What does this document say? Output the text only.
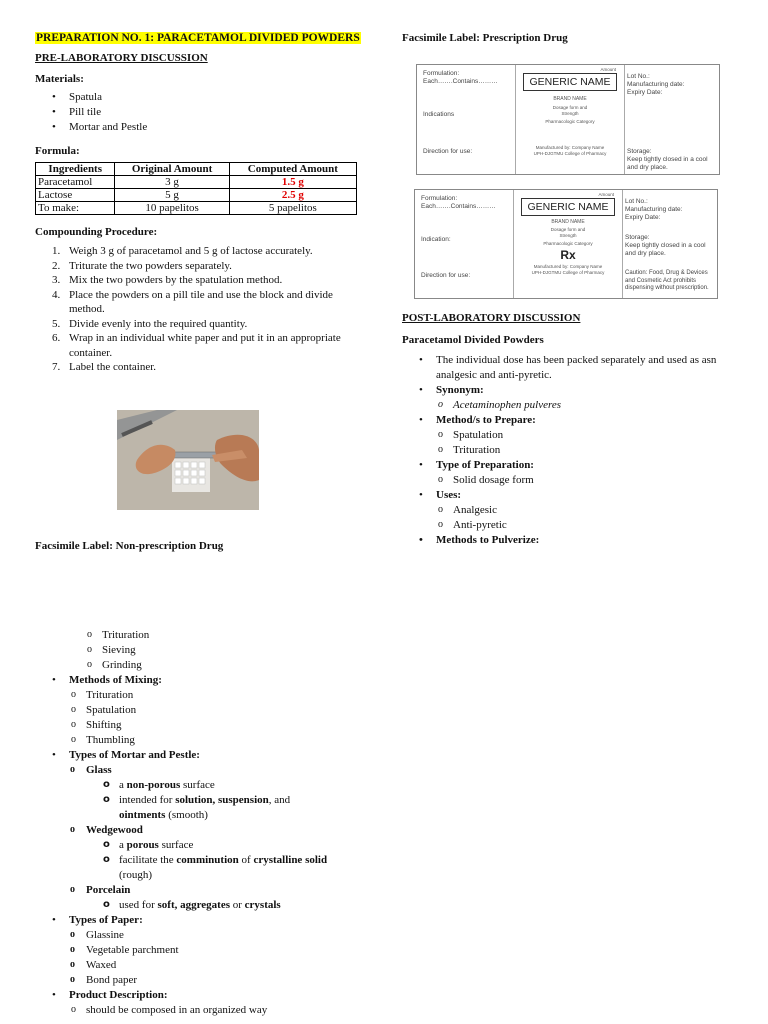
PREPARATION NO. 1: PARACETAMOL DIVIDED POWDERS

PRE-LABORATORY DISCUSSION

Materials:

• Spatula
• Pill tile
• Mortar and Pestle

Formula:

Ingredients	Original Amount	Computed Amount
Paracetamol	3 g	1.5 g
Lactose	5 g	2.5 g
To make:	10 papelitos	5 papelitos

Compounding Procedure:

1. Weigh 3 g of paracetamol and 5 g of lactose accurately.
2. Triturate the two powders separately.
3. Mix the two powders by the spatulation method.
4. Place the powders on a pill tile and use the block and divide method.
5. Divide evenly into the required quantity.
6. Wrap in an individual white paper and put it in an appropriate container.
7. Label the container.

Facsimile Label: Non-prescription Drug

Facsimile Label: Prescription Drug

Formulation:
Each…….Contains………
Indications
Direction for use:
Amount
GENERIC NAME
BRAND NAME
Dosage form and Strength
Pharmacologic Category
Manufactured by: Company Name UPH-DJGTMU College of Pharmacy
Lot No.:
Manufacturing date:
Expiry Date:
Storage:
Keep tightly closed in a cool and dry place.
Formulation:
Each…….Contains………
Indication:
Direction for use:
Amount
GENERIC NAME
BRAND NAME
Dosage form and Strength
Pharmacologic Category
Rx
Manufactured by: Company Name UPH-DJGTMU College of Pharmacy
Lot No.:
Manufacturing date:
Expiry Date:
Storage:
Keep tightly closed in a cool and dry place.
Caution: Food, Drug & Devices and Cosmetic Act prohibits dispensing without prescription.

POST-LABORATORY DISCUSSION

Paracetamol Divided Powders

• The individual dose has been packed separately and used as asn analgesic and anti-pyretic.
• Synonym:
o Acetaminophen pulveres
• Method/s to Prepare:
o Spatulation
o Trituration
• Type of Preparation:
o Solid dosage form
• Uses:
o Analgesic
o Anti-pyretic
• Methods to Pulverize:
o Trituration
o Sieving
o Grinding
• Methods of Mixing:
o Trituration
o Spatulation
o Shifting
o Thumbling
• Types of Mortar and Pestle:
o Glass
o a non-porous surface
o intended for solution, suspension, and
ointments (smooth)
o Wedgewood
o a porous surface
o facilitate the comminution of crystalline solid
(rough)
o Porcelain
o used for soft, aggregates or crystals
• Types of Paper:
o Glassine
o Vegetable parchment
o Waxed
o Bond paper
• Product Description:
o should be composed in an organized way
